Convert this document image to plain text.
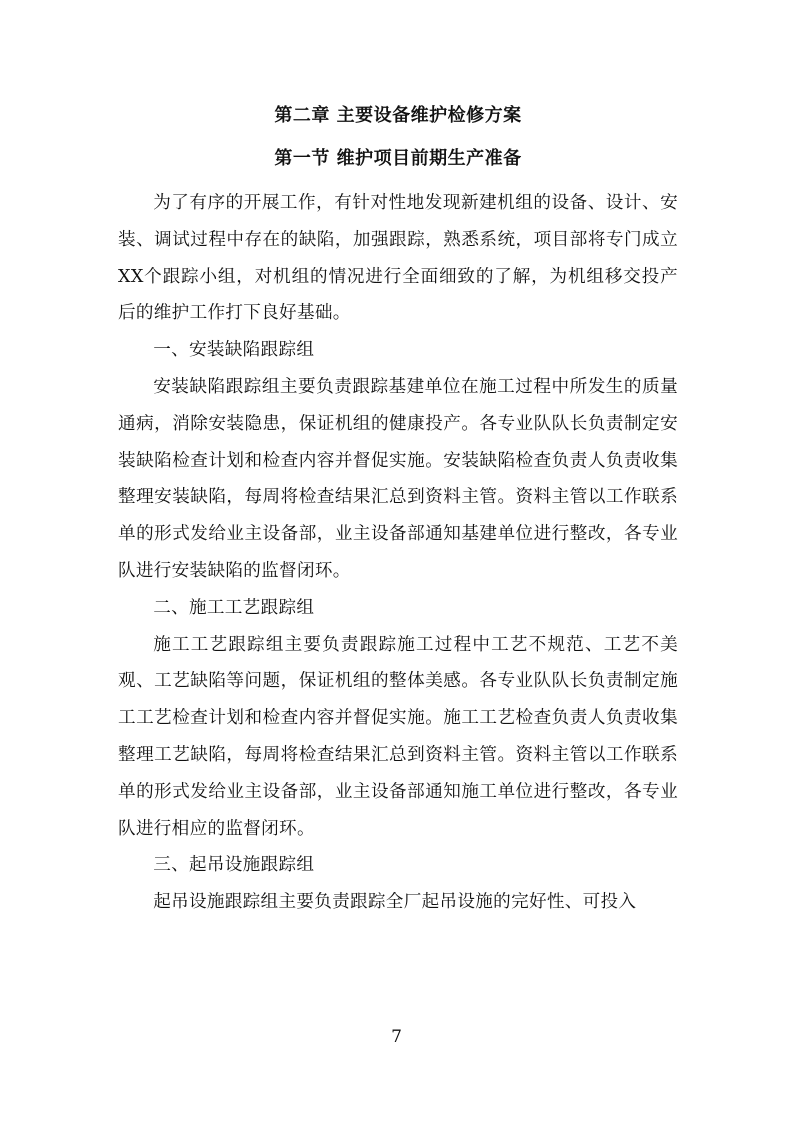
第二章 主要设备维护检修方案
第一节 维护项目前期生产准备

为了有序的开展工作，有针对性地发现新建机组的设备、设计、安装、调试过程中存在的缺陷，加强跟踪，熟悉系统，项目部将专门成立XX个跟踪小组，对机组的情况进行全面细致的了解，为机组移交投产后的维护工作打下良好基础。

一、安装缺陷跟踪组

安装缺陷跟踪组主要负责跟踪基建单位在施工过程中所发生的质量通病，消除安装隐患，保证机组的健康投产。各专业队队长负责制定安装缺陷检查计划和检查内容并督促实施。安装缺陷检查负责人负责收集整理安装缺陷，每周将检查结果汇总到资料主管。资料主管以工作联系单的形式发给业主设备部，业主设备部通知基建单位进行整改，各专业队进行安装缺陷的监督闭环。

二、施工工艺跟踪组

施工工艺跟踪组主要负责跟踪施工过程中工艺不规范、工艺不美观、工艺缺陷等问题，保证机组的整体美感。各专业队队长负责制定施工工艺检查计划和检查内容并督促实施。施工工艺检查负责人负责收集整理工艺缺陷，每周将检查结果汇总到资料主管。资料主管以工作联系单的形式发给业主设备部，业主设备部通知施工单位进行整改，各专业队进行相应的监督闭环。

三、起吊设施跟踪组

起吊设施跟踪组主要负责跟踪全厂起吊设施的完好性、可投入

7
